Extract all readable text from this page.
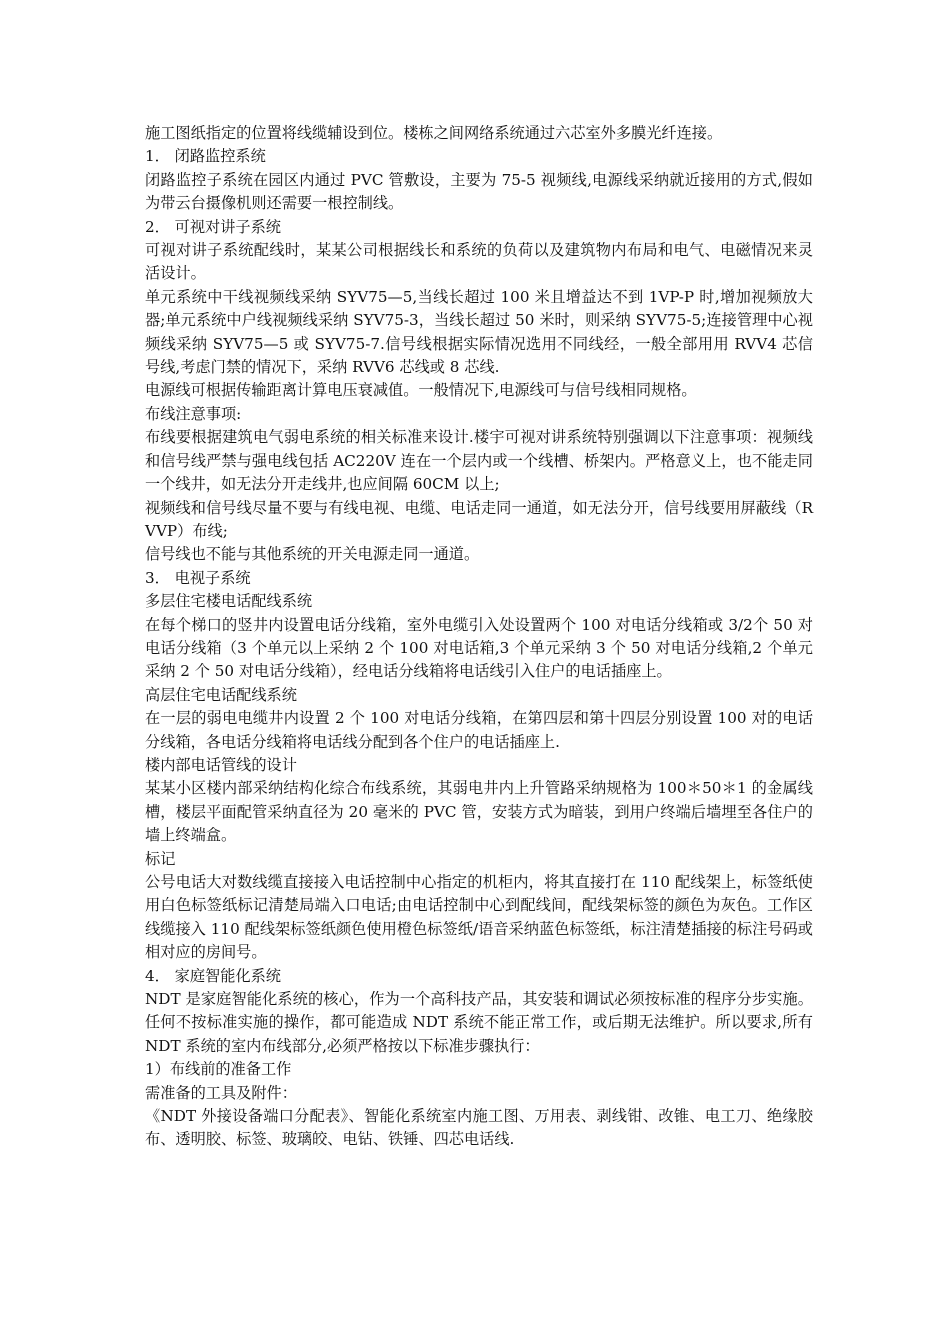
施工图纸指定的位置将线缆辅设到位。楼栋之间网络系统通过六芯室外多膜光纤连接。

1． 闭路监控系统

闭路监控子系统在园区内通过 PVC 管敷设，主要为 75-5 视频线,电源线采纳就近接用的方式,假如为带云台摄像机则还需要一根控制线。

2． 可视对讲子系统

可视对讲子系统配线时，某某公司根据线长和系统的负荷以及建筑物内布局和电气、电磁情况来灵活设计。

单元系统中干线视频线采纳 SYV75—5,当线长超过 100 米且增益达不到 1VP-P 时,增加视频放大器;单元系统中户线视频线采纳 SYV75-3，当线长超过 50 米时，则采纳 SYV75-5;连接管理中心视频线采纳 SYV75—5 或 SYV75-7.信号线根据实际情况选用不同线经，一般全部用用 RVV4 芯信号线,考虑门禁的情况下，采纳 RVV6 芯线或 8 芯线.

电源线可根据传输距离计算电压衰减值。一般情况下,电源线可与信号线相同规格。

布线注意事项:

布线要根据建筑电气弱电系统的相关标准来设计.楼宇可视对讲系统特别强调以下注意事项：视频线和信号线严禁与强电线包括 AC220V 连在一个层内或一个线槽、桥架内。严格意义上，也不能走同一个线井，如无法分开走线井,也应间隔 60CM 以上;

视频线和信号线尽量不要与有线电视、电缆、电话走同一通道，如无法分开，信号线要用屏蔽线（RVVP）布线;

信号线也不能与其他系统的开关电源走同一通道。

3． 电视子系统

多层住宅楼电话配线系统

在每个梯口的竖井内设置电话分线箱，室外电缆引入处设置两个 100 对电话分线箱或 3/2个 50 对电话分线箱（3 个单元以上采纳 2 个 100 对电话箱,3 个单元采纳 3 个 50 对电话分线箱,2 个单元采纳 2 个 50 对电话分线箱），经电话分线箱将电话线引入住户的电话插座上。

高层住宅电话配线系统

在一层的弱电电缆井内设置 2 个 100 对电话分线箱，在第四层和第十四层分别设置 100 对的电话分线箱，各电话分线箱将电话线分配到各个住户的电话插座上.

楼内部电话管线的设计

某某小区楼内部采纳结构化综合布线系统，其弱电井内上升管路采纳规格为 100＊50＊1 的金属线槽，楼层平面配管采纳直径为 20 毫米的 PVC 管，安装方式为暗装，到用户终端后墙埋至各住户的墙上终端盒。

标记

公号电话大对数线缆直接接入电话控制中心指定的机柜内，将其直接打在 110 配线架上，标签纸使用白色标签纸标记清楚局端入口电话;由电话控制中心到配线间，配线架标签的颜色为灰色。工作区线缆接入 110 配线架标签纸颜色使用橙色标签纸/语音采纳蓝色标签纸，标注清楚插接的标注号码或相对应的房间号。

4． 家庭智能化系统

NDT 是家庭智能化系统的核心，作为一个高科技产品，其安装和调试必须按标准的程序分步实施。任何不按标准实施的操作，都可能造成 NDT 系统不能正常工作，或后期无法维护。所以要求,所有 NDT 系统的室内布线部分,必须严格按以下标准步骤执行：

1）布线前的准备工作

需准备的工具及附件：

《NDT 外接设备端口分配表》、智能化系统室内施工图、万用表、剥线钳、改锥、电工刀、绝缘胶布、透明胶、标签、玻璃皎、电钻、铁锤、四芯电话线.
